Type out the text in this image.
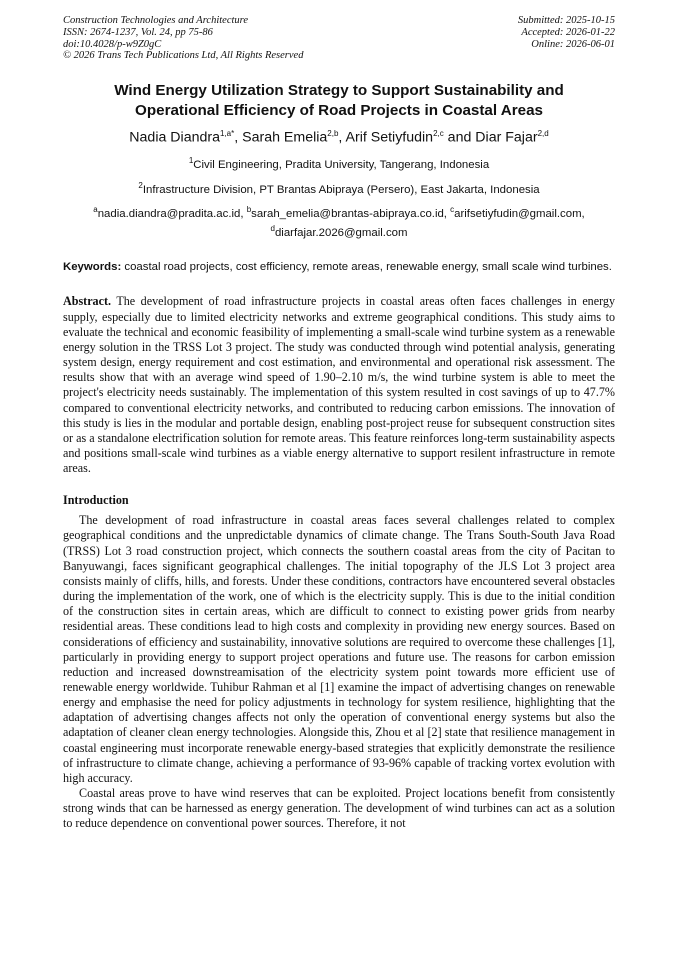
Construction Technologies and Architecture
ISSN: 2674-1237, Vol. 24, pp 75-86
doi:10.4028/p-w9Z0gC
© 2026 Trans Tech Publications Ltd, All Rights Reserved
Submitted: 2025-10-15
Accepted: 2026-01-22
Online: 2026-06-01
Wind Energy Utilization Strategy to Support Sustainability and
Operational Efficiency of Road Projects in Coastal Areas
Nadia Diandra$^{1,a*}$, Sarah Emelia$^{2,b}$, Arif Setiyfudin$^{2,c}$ and Diar Fajar$^{2,d}$
$^1$Civil Engineering, Pradita University, Tangerang, Indonesia
$^2$Infrastructure Division, PT Brantas Abipraya (Persero), East Jakarta, Indonesia
$^a$nadia.diandra@pradita.ac.id, $^b$sarah_emelia@brantas-abipraya.co.id, $^c$arifsetiyfudin@gmail.com,
$^d$diarfajar.2026@gmail.com
Keywords: coastal road projects, cost efficiency, remote areas, renewable energy, small scale wind turbines.
Abstract. The development of road infrastructure projects in coastal areas often faces challenges in energy supply, especially due to limited electricity networks and extreme geographical conditions. This study aims to evaluate the technical and economic feasibility of implementing a small-scale wind turbine system as a renewable energy solution in the TRSS Lot 3 project. The study was conducted through wind potential analysis, generating system design, energy requirement and cost estimation, and environmental and operational risk assessment. The results show that with an average wind speed of 1.90–2.10 m/s, the wind turbine system is able to meet the project's electricity needs sustainably. The implementation of this system resulted in cost savings of up to 47.7% compared to conventional electricity networks, and contributed to reducing carbon emissions. The innovation of this study is lies in the modular and portable design, enabling post-project reuse for subsequent construction sites or as a standalone electrification solution for remote areas. This feature reinforces long-term sustainability aspects and positions small-scale wind turbines as a viable energy alternative to support resilent infrastructure in remote areas.
Introduction

The development of road infrastructure in coastal areas faces several challenges related to complex geographical conditions and the unpredictable dynamics of climate change. The Trans South-South Java Road (TRSS) Lot 3 road construction project, which connects the southern coastal areas from the city of Pacitan to Banyuwangi, faces significant geographical challenges. The initial topography of the JLS Lot 3 project area consists mainly of cliffs, hills, and forests. Under these conditions, contractors have encountered several obstacles during the implementation of the work, one of which is the electricity supply. This is due to the initial condition of the construction sites in certain areas, which are difficult to connect to existing power grids from nearby residential areas. These conditions lead to high costs and complexity in providing new energy sources. Based on considerations of efficiency and sustainability, innovative solutions are required to overcome these challenges [1], particularly in providing energy to support project operations and future use. The reasons for carbon emission reduction and increased downstreamisation of the electricity system point towards more efficient use of renewable energy worldwide. Tuhibur Rahman et al [1] examine the impact of advertising changes on renewable energy and emphasise the need for policy adjustments in technology for system resilience, highlighting that the adaptation of advertising changes affects not only the operation of conventional energy systems but also the adaptation of cleaner clean energy technologies. Alongside this, Zhou et al [2] state that resilience management in coastal engineering must incorporate renewable energy-based strategies that explicitly demonstrate the resilience of infrastructure to climate change, achieving a performance of 93-96% capable of tracking vortex evolution with high accuracy.

Coastal areas prove to have wind reserves that can be exploited. Project locations benefit from consistently strong winds that can be harnessed as energy generation. The development of wind turbines can act as a solution to reduce dependence on conventional power sources. Therefore, it not
